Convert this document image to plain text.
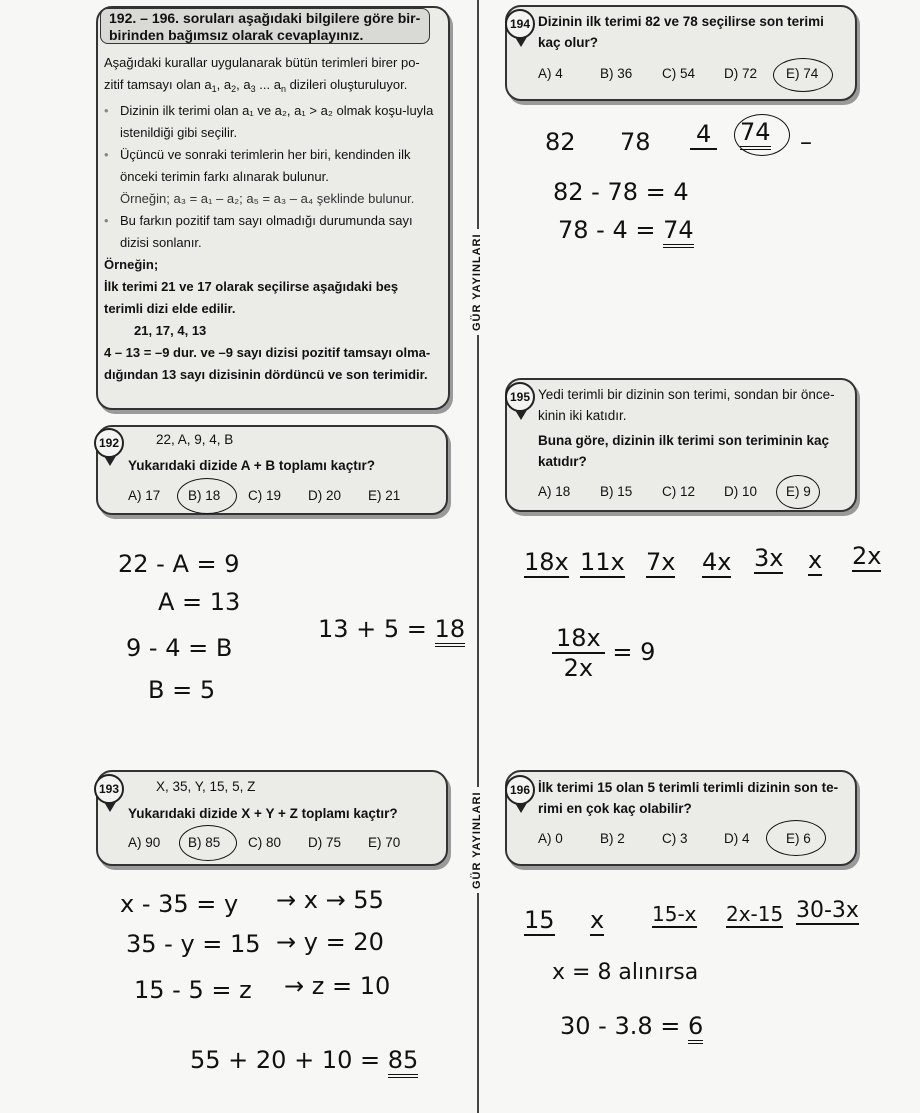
GÜR YAYINLARI
GÜR YAYINLARI
192. – 196. soruları aşağıdaki bilgilere göre bir-birinden bağımsız olarak cevaplayınız.

Aşağıdaki kurallar uygulanarak bütün terimleri birer po-zitif tamsayı olan $a_1$, $a_2$, $a_3$ ... $a_n$ dizileri oluşturuluyor.

• Dizinin ilk terimi olan a₁ ve a₂, a₁ > a₂ olmak koşu-luyla istenildiği gibi seçilir.

• Üçüncü ve sonraki terimlerin her biri, kendinden ilk önceki terimin farkı alınarak bulunur.

Örneğin; a₃ = a₁ – a₂; a₅ = a₃ – a₄ şeklinde bulunur.

• Bu farkın pozitif tam sayı olmadığı durumunda sayı dizisi sonlanır.

Örneğin;

İlk terimi 21 ve 17 olarak seçilirse aşağıdaki beş terimli dizi elde edilir.

21, 17, 4, 13

4 – 13 = –9 dur. ve –9 sayı dizisi pozitif tamsayı olma-dığından 13 sayı dizisinin dördüncü ve son terimidir.

192	22, A, 9, 4, B
Yukarıdaki dizide A + B toplamı kaçtır?
A) 17	B) 18	C) 19	D) 20	E) 21
22 - A = 9
A = 13
9 - 4 = B
B = 5
13 + 5 = 18
193	X, 35, Y, 15, 5, Z
Yukarıdaki dizide X + Y + Z toplamı kaçtır?
A) 90	B) 85	C) 80	D) 75	E) 70
x - 35 = y → x → 55
35 - y = 15 → y = 20
15 - 5 = z → z = 10
55 + 20 + 10 = 85
194 Dizinin ilk terimi 82 ve 78 seçilirse son terimi kaç olur?
A) 4	B) 36	C) 54	D) 72	E) 74
82 78 4 74 –
82 - 78 = 4
78 - 4 = 74
195 Yedi terimli bir dizinin son terimi, sondan bir önce-kinin iki katıdır.
Buna göre, dizinin ilk terimi son teriminin kaç katıdır?
A) 18	B) 15	C) 12	D) 10	E) 9
18x 11x 7x 4x 3x x 2x
$\frac{18x}{2x} = 9$
196 İlk terimi 15 olan 5 terimli terimli dizinin son te-rimi en çok kaç olabilir?
A) 0	B) 2	C) 3	D) 4	E) 6
15 x 15-x 2x-15 30-3x
x = 8 alınırsa
30 - 3.8 = 6
